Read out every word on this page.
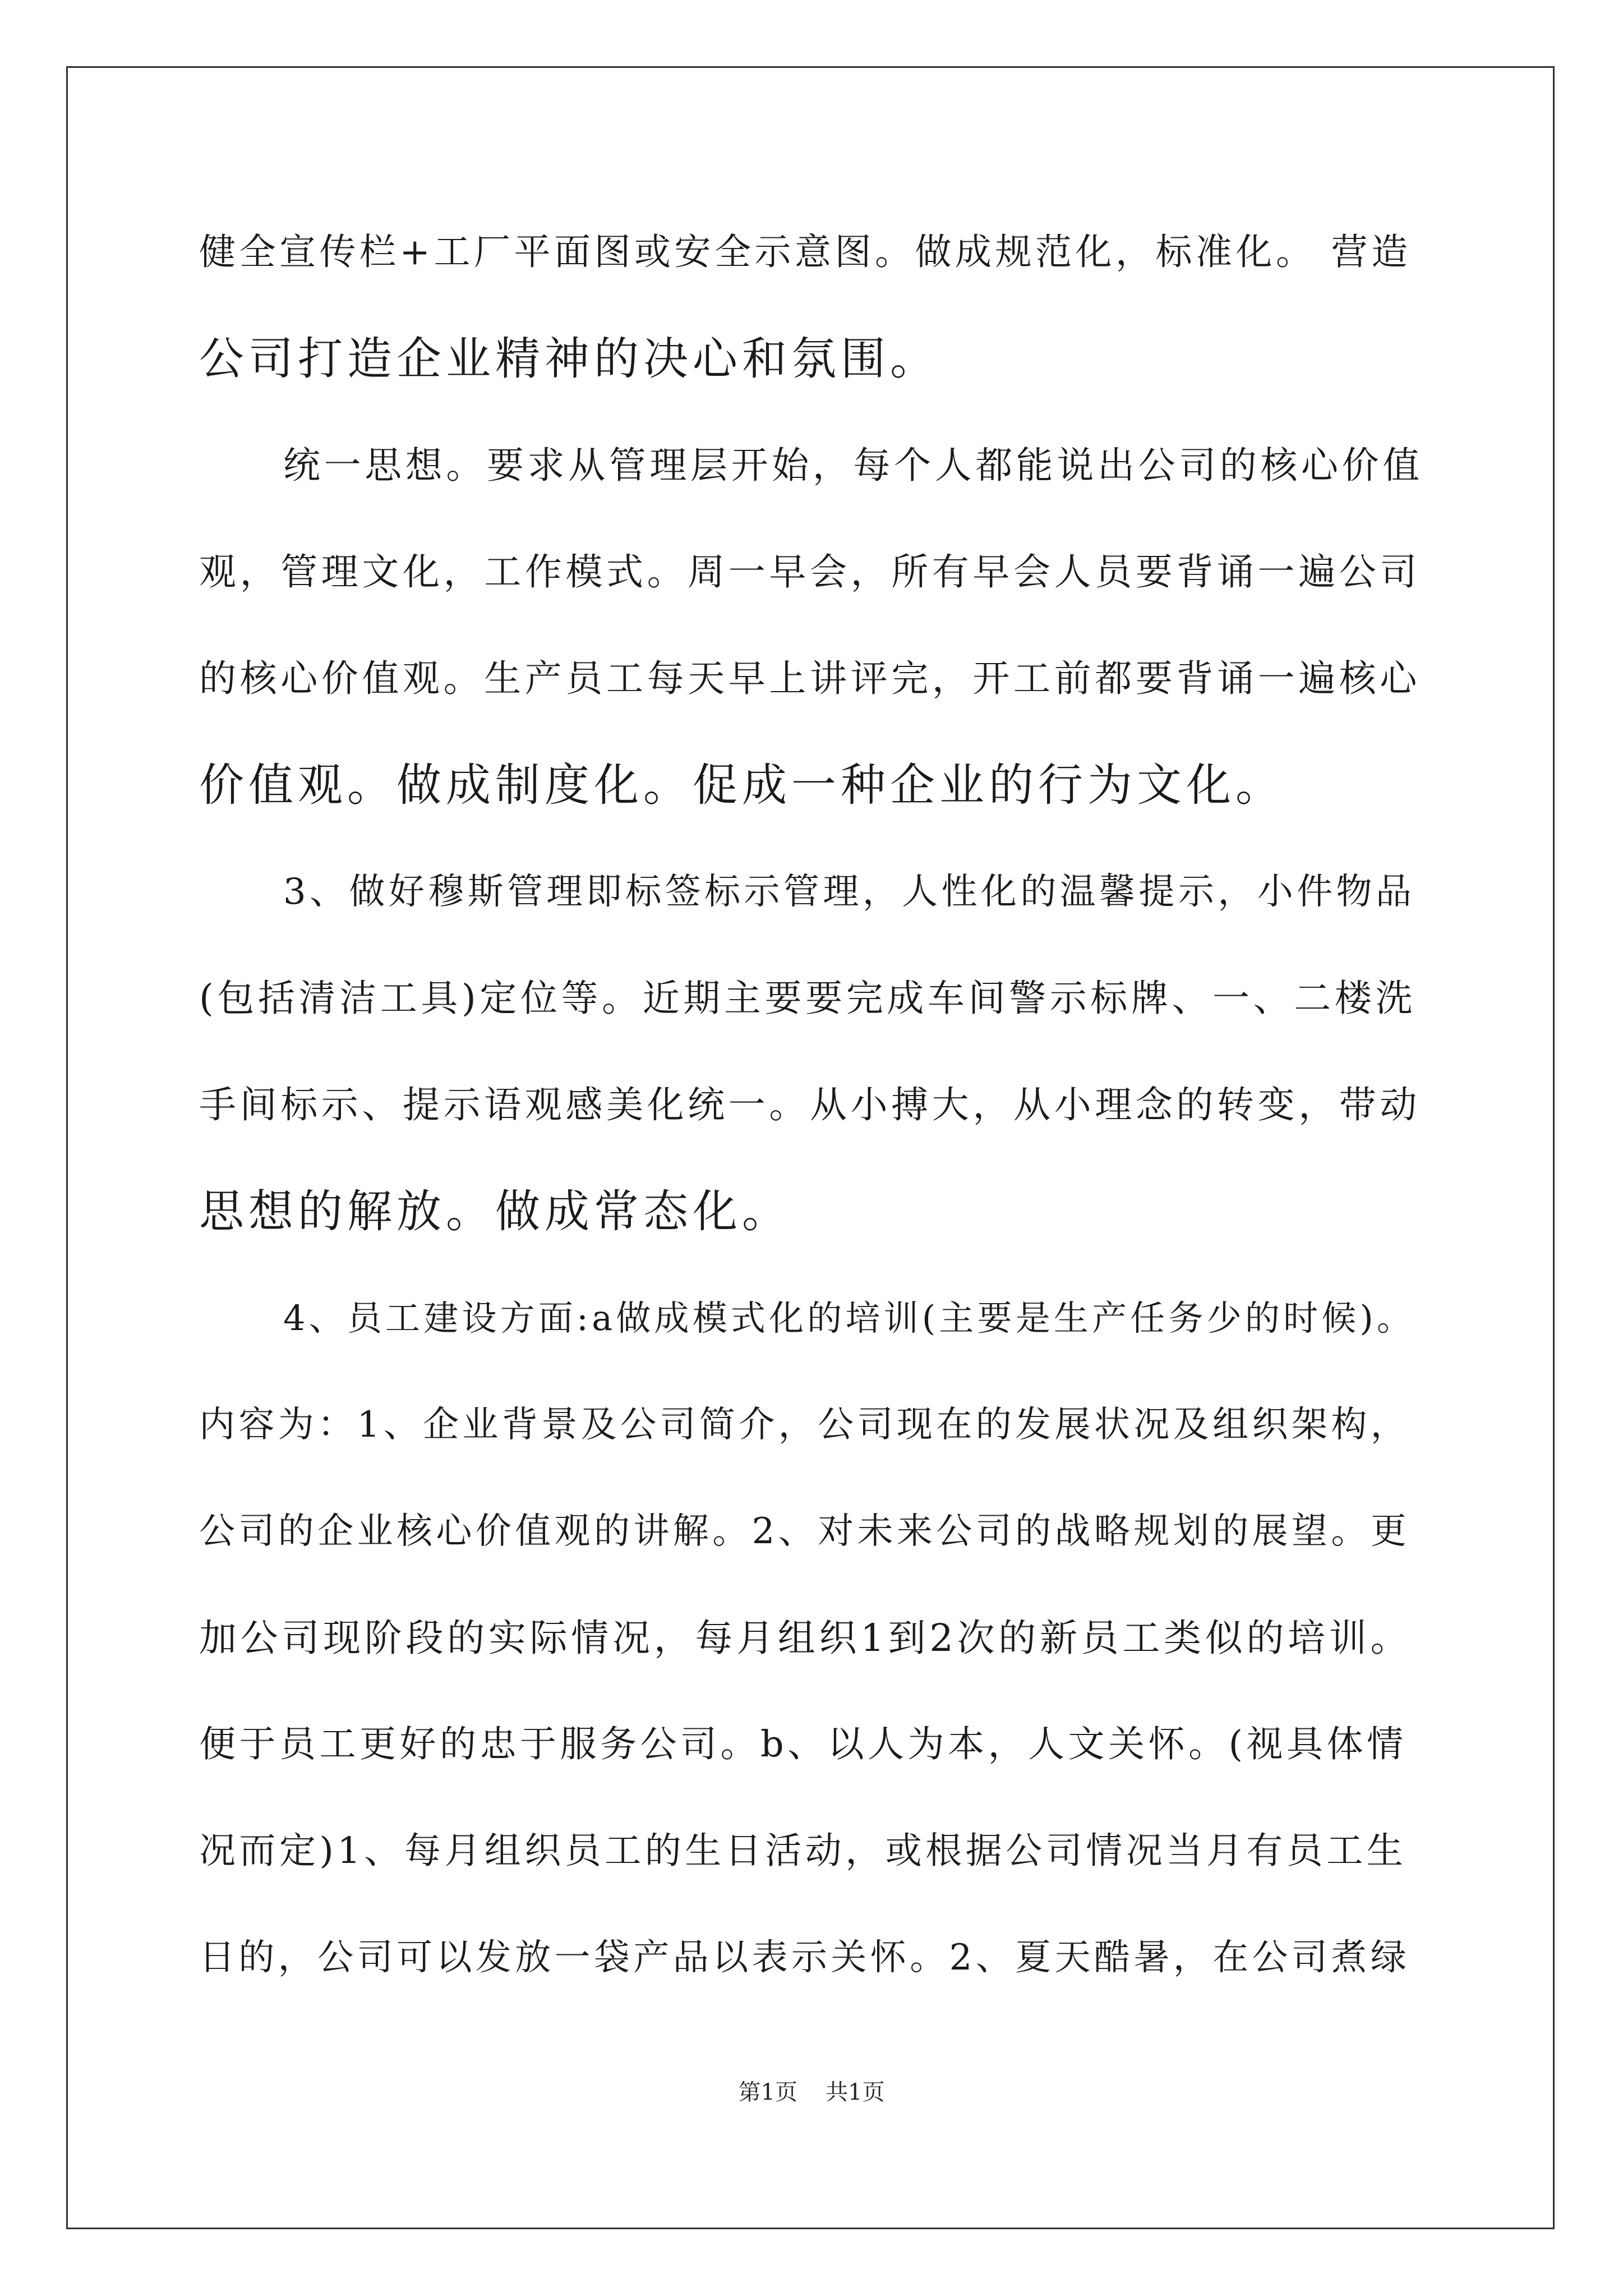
健全宣传栏+工厂平面图或安全示意图。做成规范化，标准化。 营造
公司打造企业精神的决心和氛围。
统一思想。要求从管理层开始，每个人都能说出公司的核心价值
观，管理文化，工作模式。周一早会，所有早会人员要背诵一遍公司
的核心价值观。生产员工每天早上讲评完，开工前都要背诵一遍核心
价值观。做成制度化。促成一种企业的行为文化。
3、做好穆斯管理即标签标示管理，人性化的温馨提示，小件物品
(包括清洁工具)定位等。近期主要要完成车间警示标牌、一、二楼洗
手间标示、提示语观感美化统一。从小搏大，从小理念的转变，带动
思想的解放。做成常态化。
4、员工建设方面:a做成模式化的培训(主要是生产任务少的时候)。
内容为：1、企业背景及公司简介，公司现在的发展状况及组织架构，
公司的企业核心价值观的讲解。2、对未来公司的战略规划的展望。更
加公司现阶段的实际情况，每月组织1到2次的新员工类似的培训。
便于员工更好的忠于服务公司。b、以人为本，人文关怀。(视具体情
况而定)1、每月组织员工的生日活动，或根据公司情况当月有员工生
日的，公司可以发放一袋产品以表示关怀。2、夏天酷暑，在公司煮绿
第1页 共1页
